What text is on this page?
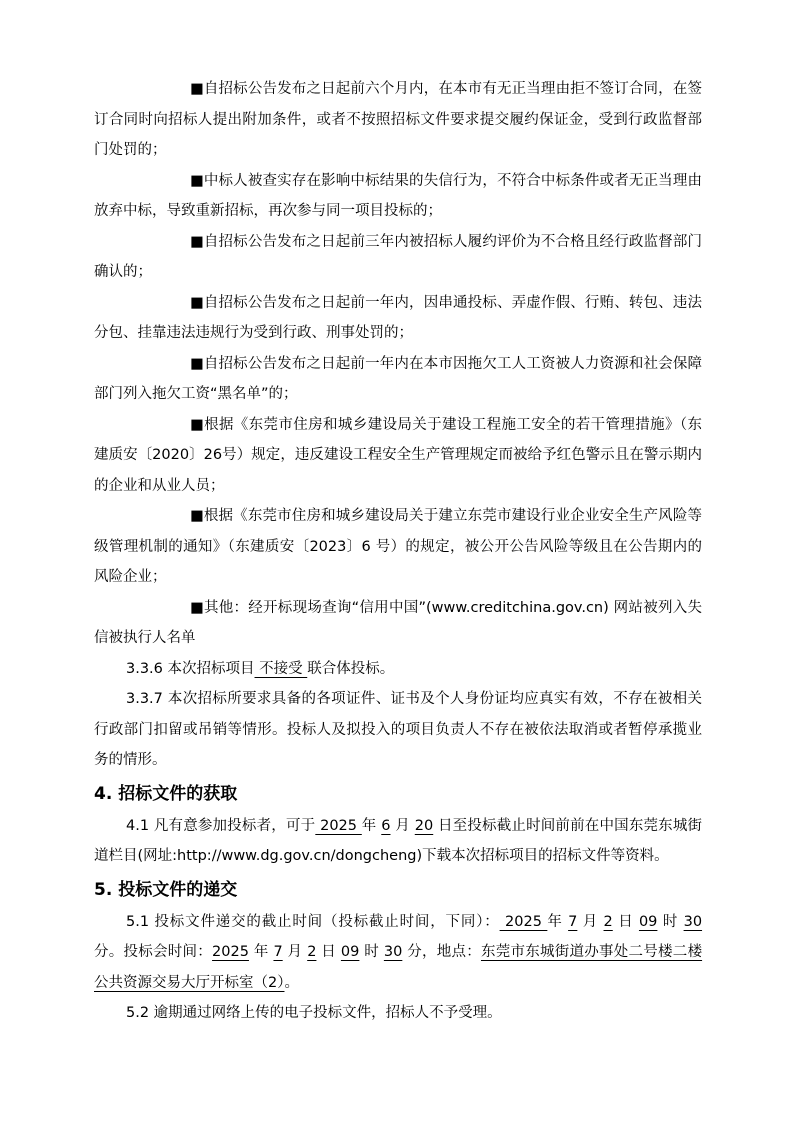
■自招标公告发布之日起前六个月内，在本市有无正当理由拒不签订合同，在签订合同时向招标人提出附加条件，或者不按照招标文件要求提交履约保证金，受到行政监督部门处罚的；

■中标人被查实存在影响中标结果的失信行为，不符合中标条件或者无正当理由放弃中标，导致重新招标，再次参与同一项目投标的；

■自招标公告发布之日起前三年内被招标人履约评价为不合格且经行政监督部门确认的；

■自招标公告发布之日起前一年内，因串通投标、弄虚作假、行贿、转包、违法分包、挂靠违法违规行为受到行政、刑事处罚的；

■自招标公告发布之日起前一年内在本市因拖欠工人工资被人力资源和社会保障部门列入拖欠工资“黑名单”的；

■根据《东莞市住房和城乡建设局关于建设工程施工安全的若干管理措施》（东建质安〔2020〕26号）规定，违反建设工程安全生产管理规定而被给予红色警示且在警示期内的企业和从业人员；

■根据《东莞市住房和城乡建设局关于建立东莞市建设行业企业安全生产风险等级管理机制的通知》（东建质安〔2023〕6 号）的规定，被公开公告风险等级且在公告期内的风险企业；

■其他：经开标现场查询“信用中国”(www.creditchina.gov.cn) 网站被列入失信被执行人名单

3.3.6 本次招标项目 不接受 联合体投标。

3.3.7 本次招标所要求具备的各项证件、证书及个人身份证均应真实有效，不存在被相关行政部门扣留或吊销等情形。投标人及拟投入的项目负责人不存在被依法取消或者暂停承揽业务的情形。

4. 招标文件的获取

4.1 凡有意参加投标者，可于 2025 年 6 月 20 日至投标截止时间前前在中国东莞东城街道栏目(网址:http://www.dg.gov.cn/dongcheng)下载本次招标项目的招标文件等资料。

5. 投标文件的递交

5.1 投标文件递交的截止时间（投标截止时间，下同）： 2025 年 7 月 2 日 09 时 30 分。投标会时间：2025 年 7 月 2 日 09 时 30 分，地点：东莞市东城街道办事处二号楼二楼公共资源交易大厅开标室（2）。

5.2 逾期通过网络上传的电子投标文件，招标人不予受理。
